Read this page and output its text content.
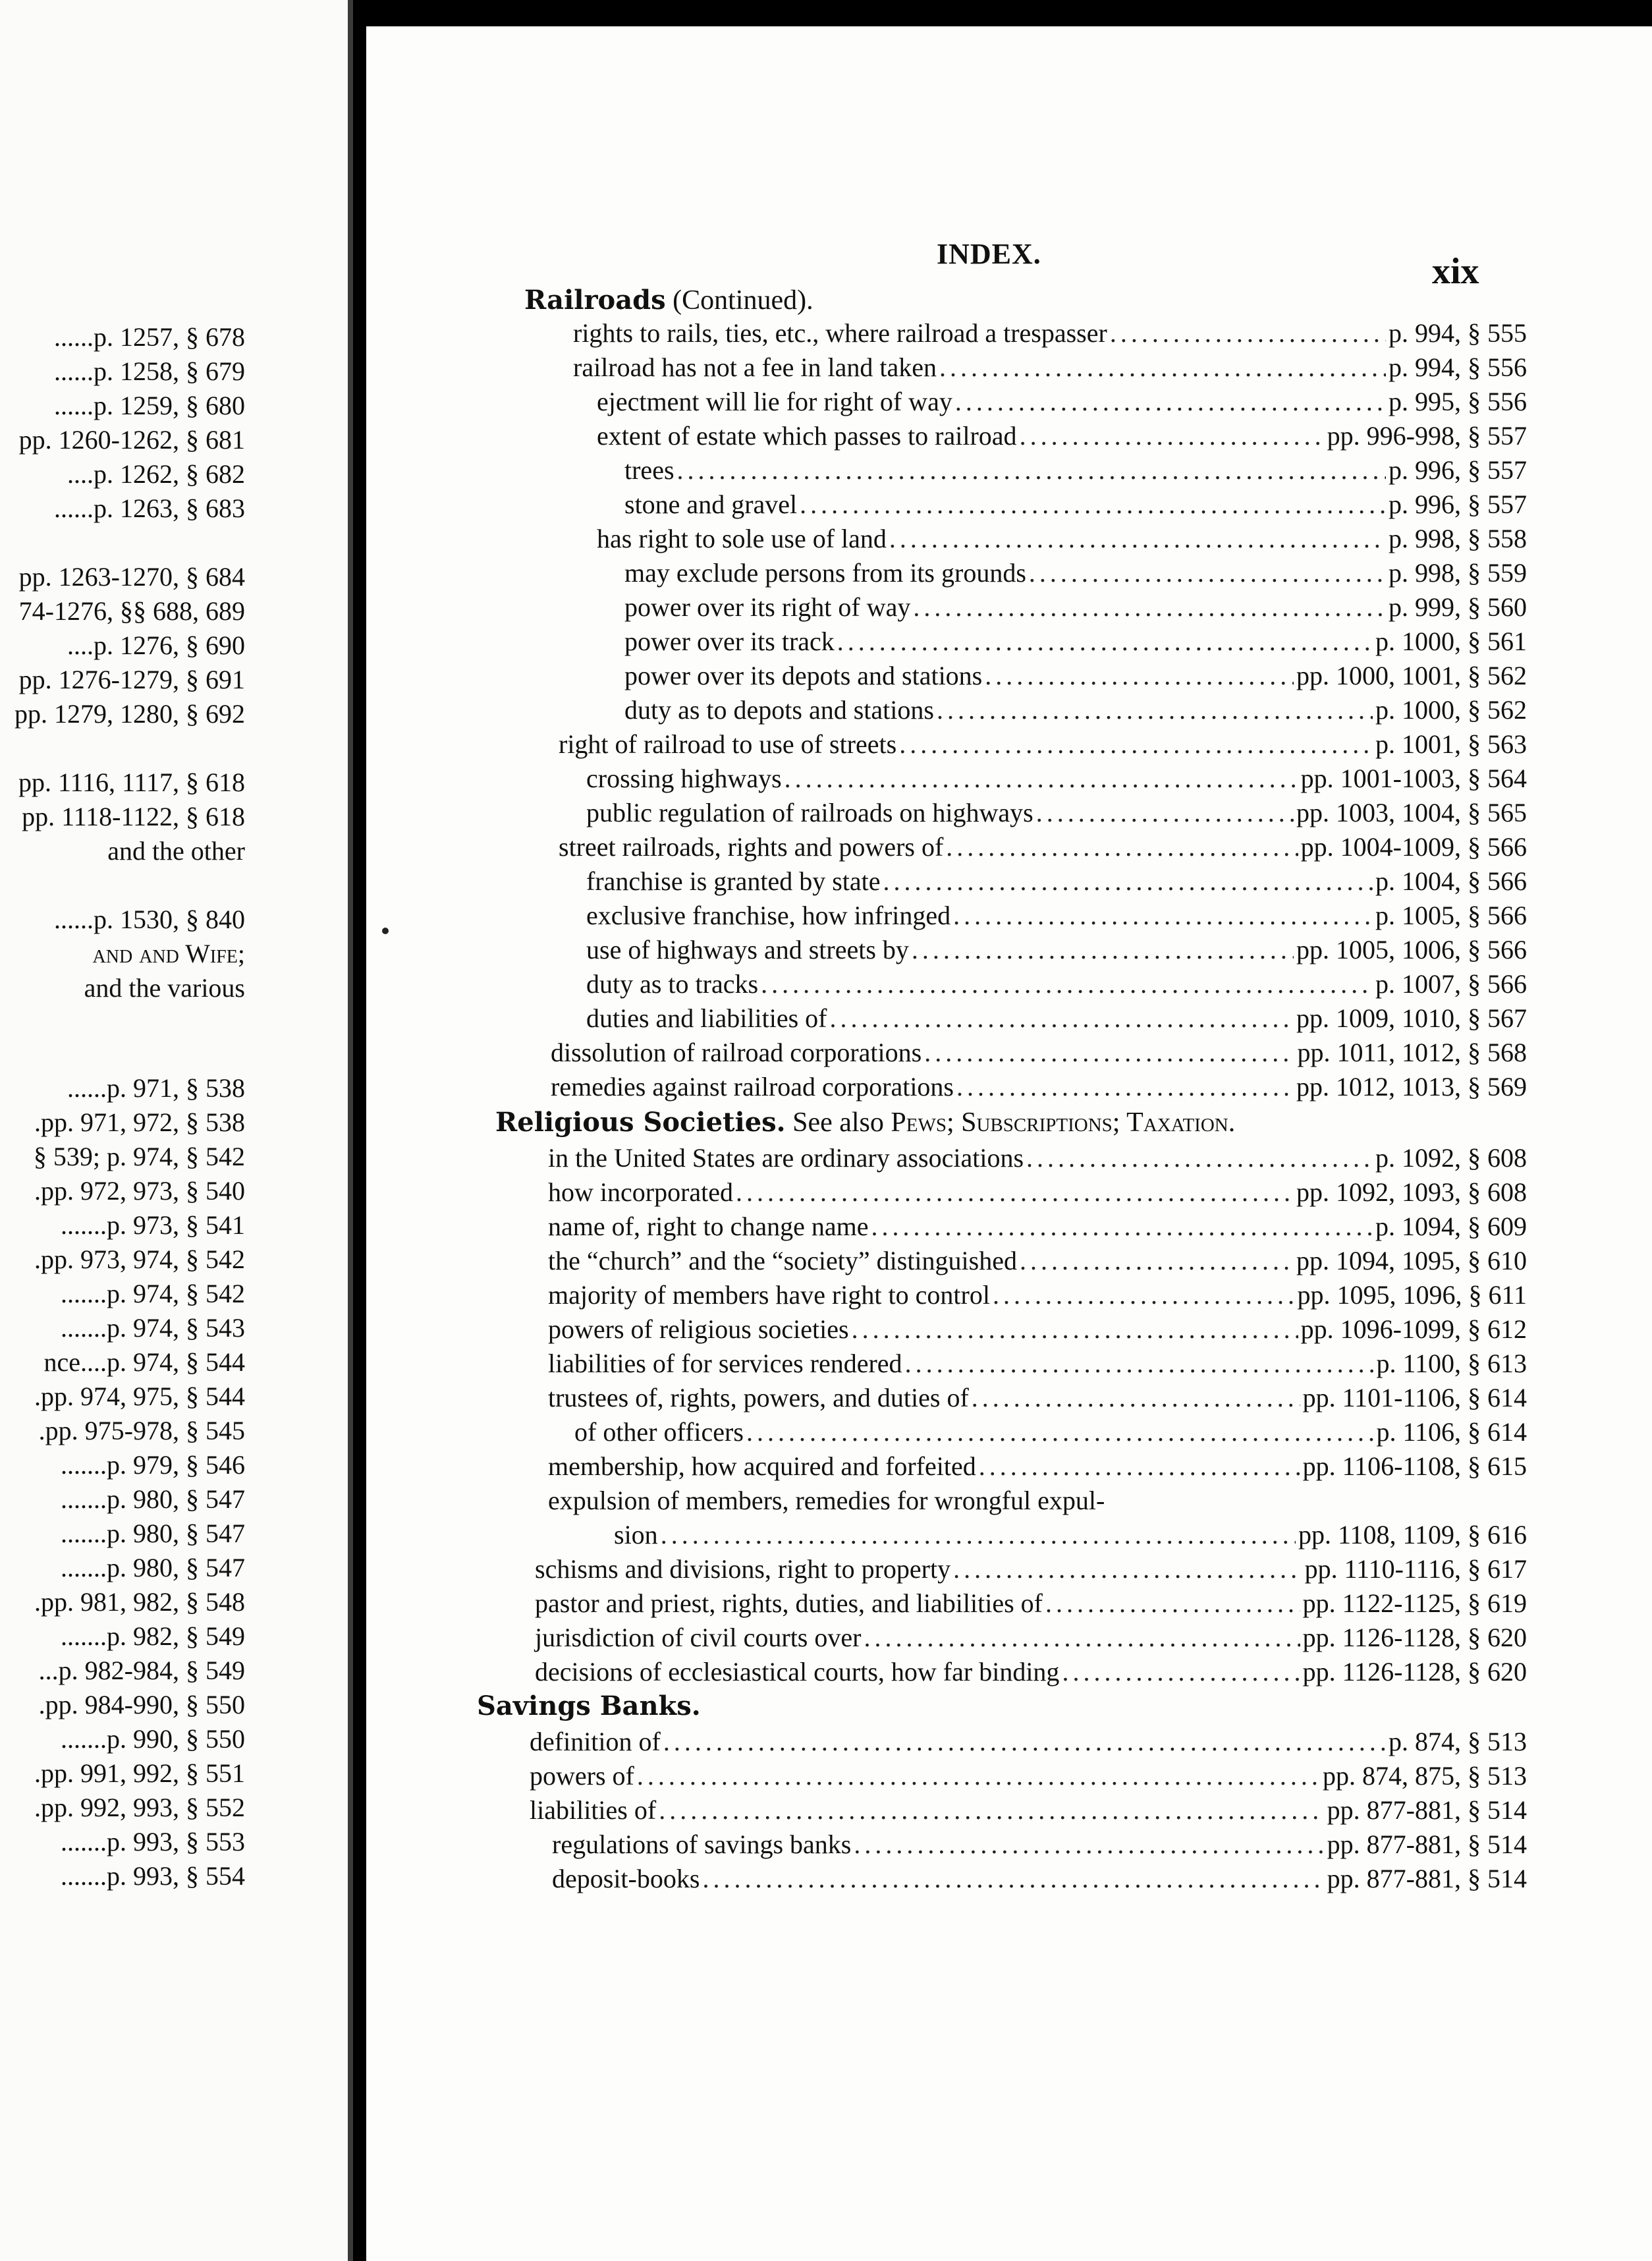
......p. 1257, § 678
......p. 1258, § 679
......p. 1259, § 680
pp. 1260-1262, § 681
....p. 1262, § 682
......p. 1263, § 683
pp. 1263-1270, § 684
74-1276, §§ 688, 689
....p. 1276, § 690
pp. 1276-1279, § 691
pp. 1279, 1280, § 692
pp. 1116, 1117, § 618
pp. 1118-1122, § 618
and the other
......p. 1530, § 840
and and Wife;
and the various
......p. 971, § 538
.pp. 971, 972, § 538
§ 539; p. 974, § 542
.pp. 972, 973, § 540
.......p. 973, § 541
.pp. 973, 974, § 542
.......p. 974, § 542
.......p. 974, § 543
nce....p. 974, § 544
.pp. 974, 975, § 544
.pp. 975-978, § 545
.......p. 979, § 546
.......p. 980, § 547
.......p. 980, § 547
.......p. 980, § 547
.pp. 981, 982, § 548
.......p. 982, § 549
...p. 982-984, § 549
.pp. 984-990, § 550
.......p. 990, § 550
.pp. 991, 992, § 551
.pp. 992, 993, § 552
.......p. 993, § 553
.......p. 993, § 554
INDEX.	xix
Railroads (Continued).
rights to rails, ties, etc., where railroad a trespasser .....	p. 994, § 555
railroad has not a fee in land taken .....	p. 994, § 556
ejectment will lie for right of way .....	p. 995, § 556
extent of estate which passes to railroad .....	pp. 996-998, § 557
trees .....	p. 996, § 557
stone and gravel .....	p. 996, § 557
has right to sole use of land .....	p. 998, § 558
may exclude persons from its grounds .....	p. 998, § 559
power over its right of way .....	p. 999, § 560
power over its track .....	p. 1000, § 561
power over its depots and stations .....	pp. 1000, 1001, § 562
duty as to depots and stations .....	p. 1000, § 562
right of railroad to use of streets .....	p. 1001, § 563
crossing highways .....	pp. 1001-1003, § 564
public regulation of railroads on highways .....	pp. 1003, 1004, § 565
street railroads, rights and powers of .....	pp. 1004-1009, § 566
franchise is granted by state .....	p. 1004, § 566
exclusive franchise, how infringed .....	p. 1005, § 566
use of highways and streets by .....	pp. 1005, 1006, § 566
duty as to tracks .....	p. 1007, § 566
duties and liabilities of .....	pp. 1009, 1010, § 567
dissolution of railroad corporations .....	pp. 1011, 1012, § 568
remedies against railroad corporations .....	pp. 1012, 1013, § 569
Religious Societies. See also Pews; Subscriptions; Taxation.
in the United States are ordinary associations .....	p. 1092, § 608
how incorporated .....	pp. 1092, 1093, § 608
name of, right to change name .....	p. 1094, § 609
the “church” and the “society” distinguished .....	pp. 1094, 1095, § 610
majority of members have right to control .....	pp. 1095, 1096, § 611
powers of religious societies .....	pp. 1096-1099, § 612
liabilities of for services rendered .....	p. 1100, § 613
trustees of, rights, powers, and duties of .....	pp. 1101-1106, § 614
of other officers .....	p. 1106, § 614
membership, how acquired and forfeited .....	pp. 1106-1108, § 615
expulsion of members, remedies for wrongful expul-
sion .....	pp. 1108, 1109, § 616
schisms and divisions, right to property .....	pp. 1110-1116, § 617
pastor and priest, rights, duties, and liabilities of .....	pp. 1122-1125, § 619
jurisdiction of civil courts over .....	pp. 1126-1128, § 620
decisions of ecclesiastical courts, how far binding .....	pp. 1126-1128, § 620
Savings Banks.
definition of .....	p. 874, § 513
powers of .....	pp. 874, 875, § 513
liabilities of .....	pp. 877-881, § 514
regulations of savings banks .....	pp. 877-881, § 514
deposit-books .....	pp. 877-881, § 514
